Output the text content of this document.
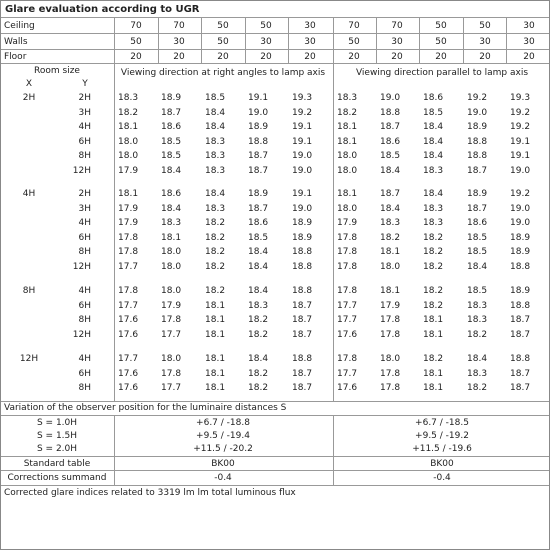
Glare evaluation according to UGR
Ceiling	70	70	50	50	30	70	70	50	50	30
Walls	50	30	50	30	30	50	30	50	30	30
Floor	20	20	20	20	20	20	20	20	20	20
Room size
X	Y
Viewing direction at right angles to lamp axis	Viewing direction parallel to lamp axis
2H	2H	18.3	18.9	18.5	19.1	19.3	18.3	19.0	18.6	19.2	19.3
3H	18.2	18.7	18.4	19.0	19.2	18.2	18.8	18.5	19.0	19.2
4H	18.1	18.6	18.4	18.9	19.1	18.1	18.7	18.4	18.9	19.2
6H	18.0	18.5	18.3	18.8	19.1	18.1	18.6	18.4	18.8	19.1
8H	18.0	18.5	18.3	18.7	19.0	18.0	18.5	18.4	18.8	19.1
12H	17.9	18.4	18.3	18.7	19.0	18.0	18.4	18.3	18.7	19.0
4H	2H	18.1	18.6	18.4	18.9	19.1	18.1	18.7	18.4	18.9	19.2
3H	17.9	18.4	18.3	18.7	19.0	18.0	18.4	18.3	18.7	19.0
4H	17.9	18.3	18.2	18.6	18.9	17.9	18.3	18.3	18.6	19.0
6H	17.8	18.1	18.2	18.5	18.9	17.8	18.2	18.2	18.5	18.9
8H	17.8	18.0	18.2	18.4	18.8	17.8	18.1	18.2	18.5	18.9
12H	17.7	18.0	18.2	18.4	18.8	17.8	18.0	18.2	18.4	18.8
8H	4H	17.8	18.0	18.2	18.4	18.8	17.8	18.1	18.2	18.5	18.9
6H	17.7	17.9	18.1	18.3	18.7	17.7	17.9	18.2	18.3	18.8
8H	17.6	17.8	18.1	18.2	18.7	17.7	17.8	18.1	18.3	18.7
12H	17.6	17.7	18.1	18.2	18.7	17.6	17.8	18.1	18.2	18.7
12H	4H	17.7	18.0	18.1	18.4	18.8	17.8	18.0	18.2	18.4	18.8
6H	17.6	17.8	18.1	18.2	18.7	17.7	17.8	18.1	18.3	18.7
8H	17.6	17.7	18.1	18.2	18.7	17.6	17.8	18.1	18.2	18.7
Variation of the observer position for the luminaire distances S
S = 1.0H	+6.7 / -18.8	+6.7 / -18.5
S = 1.5H	+9.5 / -19.4	+9.5 / -19.2
S = 2.0H	+11.5 / -20.2	+11.5 / -19.6
Standard table	BK00	BK00
Corrections summand	-0.4	-0.4
Corrected glare indices related to 3319 lm lm total luminous flux
